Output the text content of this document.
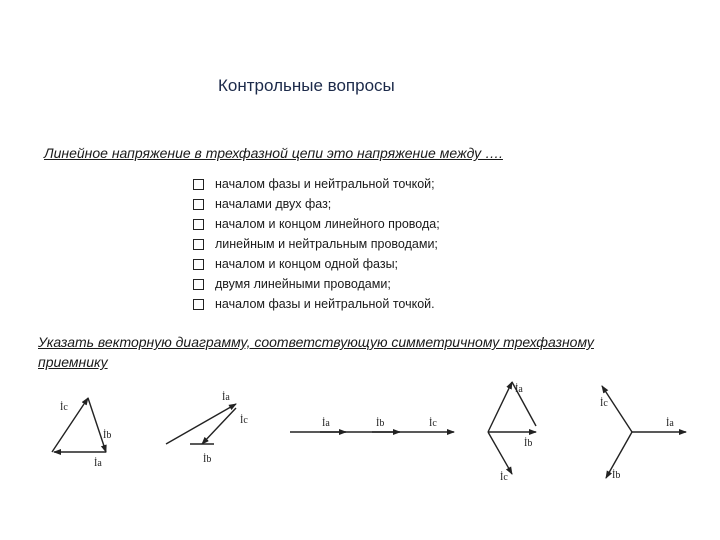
Контрольные вопросы
Линейное напряжение в трехфазной цепи это напряжение между ….
началом фазы и нейтральной точкой;
началами двух фаз;
началом и концом линейного провода;
линейным и нейтральным проводами;
началом и концом одной фазы;
двумя линейными проводами;
началом фазы и нейтральной точкой.
Указать векторную диаграмму, соответствующую симметричному трехфазному приемнику
İc
İb
İa
İa
İc
İb
İa	İb	İc
İa
İb
İc
İc
İa
İb
